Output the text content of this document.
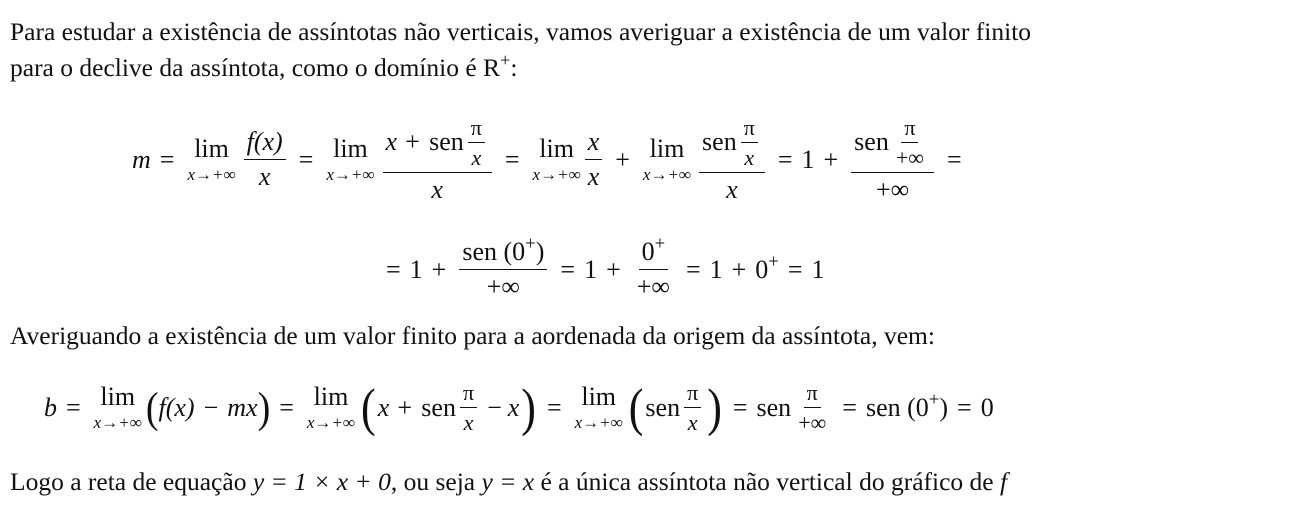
Para estudar a existência de assíntotas não verticais, vamos averiguar a existência de um valor finito
para o declive da assíntota, como o domínio é R+:
m = lim
$x\to+\infty \frac{f(x)}{x} = \lim$
$x\to+\infty \frac{x + sen \frac{\pi}{x}}{x} = \lim$
$x\to+\infty \frac{x}{x} + \lim$
$x\to+\infty \frac{sen \frac{\pi}{x}}{x} = 1 + \frac{sen \frac{\pi}{+\infty}}{+\infty}$ =
= $1 + \frac{sen (0^+)}{+\infty} = 1 + \frac{0^+}{+\infty} = 1 + 0^+ = 1$
Averiguando a existência de um valor finito para a aordenada da origem da assíntota, vem:
b = lim
x→+∞ ( f(x) − mx ) = lim
x→+∞ ( x + sen $\frac{\pi}{x} - x$ ) = lim
x→+∞ ( sen $\frac{\pi}{x}$ ) = sen $\frac{\pi}{+\infty}$ = sen (0+) = 0
Logo a reta de equação y = 1 × x + 0, ou seja y = x é a única assíntota não vertical do gráfico de f
